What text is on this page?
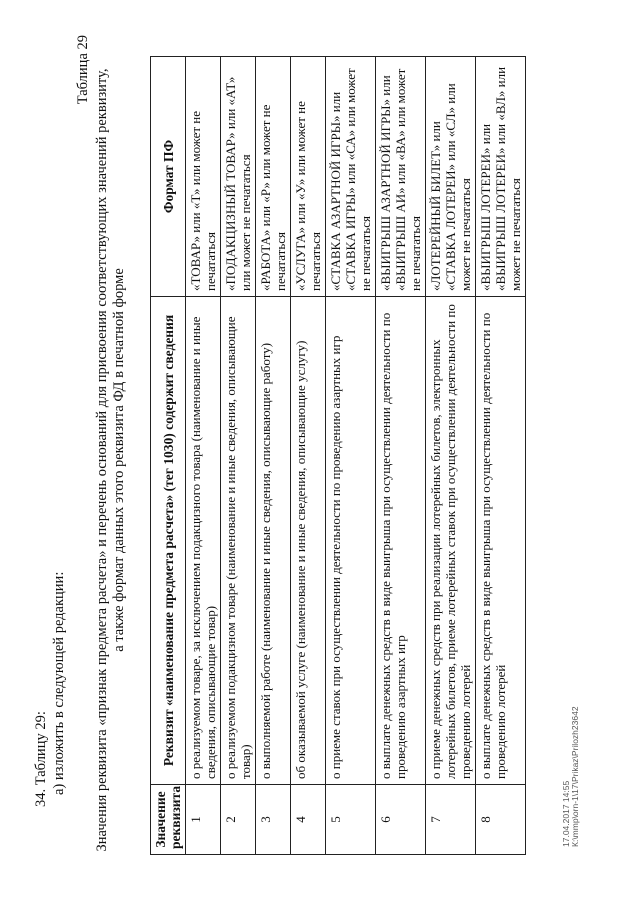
34. Таблицу 29: а) изложить в следующей редакции:
Таблица 29 Значения реквизита «признак предмета расчета» и перечень оснований для присвоения соответствующих значений реквизиту, а также формат данных этого реквизита ФД в печатной форме
Значение реквизита	Реквизит «наименование предмета расчета» (тег 1030) содержит сведения	Формат ПФ
1	о реализуемом товаре, за исключением подакцизного товара (наименование и иные сведения, описывающие товар)	«ТОВАР» или «Т» или может не печататься
2	о реализуемом подакцизном товаре (наименование и иные сведения, описывающие товар)	«ПОДАКЦИЗНЫЙ ТОВАР» или «АТ» или может не печататься
3	о выполняемой работе (наименование и иные сведения, описывающие работу)	«РАБОТА» или «Р» или может не печататься
4	об оказываемой услуге (наименование и иные сведения, описывающие услугу)	«УСЛУГА» или «У» или может не печататься
5	о приеме ставок при осуществлении деятельности по проведению азартных игр	«СТАВКА АЗАРТНОЙ ИГРЫ» или «СТАВКА ИГРЫ» или «СА» или может не печататься
6	о выплате денежных средств в виде выигрыша при осуществлении деятельности по проведению азартных игр	«ВЫИГРЫШ АЗАРТНОЙ ИГРЫ» или «ВЫИГРЫШ АИ» или «ВА» или может не печататься
7	о приеме денежных средств при реализации лотерейных билетов, электронных лотерейных билетов, приеме лотерейных ставок при осуществлении деятельности по проведению лотерей	«ЛОТЕРЕЙНЫЙ БИЛЕТ» или «СТАВКА ЛОТЕРЕИ» или «СЛ» или может не печататься
8	о выплате денежных средств в виде выигрыша при осуществлении деятельности по проведению лотерей	«ВЫИГРЫШ ЛОТЕРЕИ» или «ВЫИГРЫШ ЛОТЕРЕИ» или «ВЛ» или может не печататься
17.04.2017 14:55 К:\mmp\orn-1\17\Prikaz\Prilozh23642
